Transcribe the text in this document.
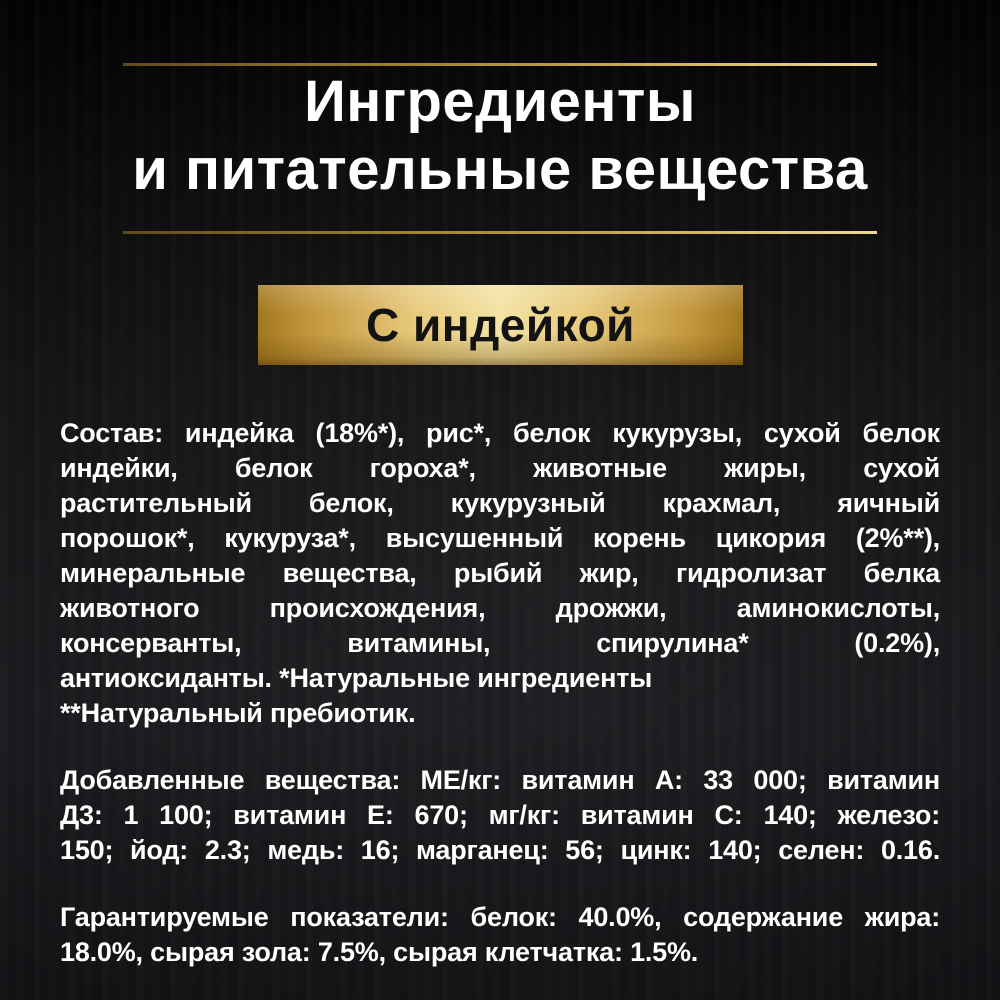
Ингредиенты
и питательные вещества
С индейкой
Состав: индейка (18%*), рис*, белок кукурузы, сухой белок
индейки, белок гороха*, животные жиры, сухой
растительный белок, кукурузный крахмал, яичный
порошок*, кукуруза*, высушенный корень цикория (2%**),
минеральные вещества, рыбий жир, гидролизат белка
животного происхождения, дрожжи, аминокислоты,
консерванты, витамины, спирулина* (0.2%),
антиоксиданты. *Натуральные ингредиенты
**Натуральный пребиотик.
Добавленные вещества: МЕ/кг: витамин А: 33 000; витамин
Д3: 1 100; витамин Е: 670; мг/кг: витамин С: 140; железо:
150; йод: 2.3; медь: 16; марганец: 56; цинк: 140; селен: 0.16.
Гарантируемые показатели: белок: 40.0%, содержание жира:
18.0%, сырая зола: 7.5%, сырая клетчатка: 1.5%.
